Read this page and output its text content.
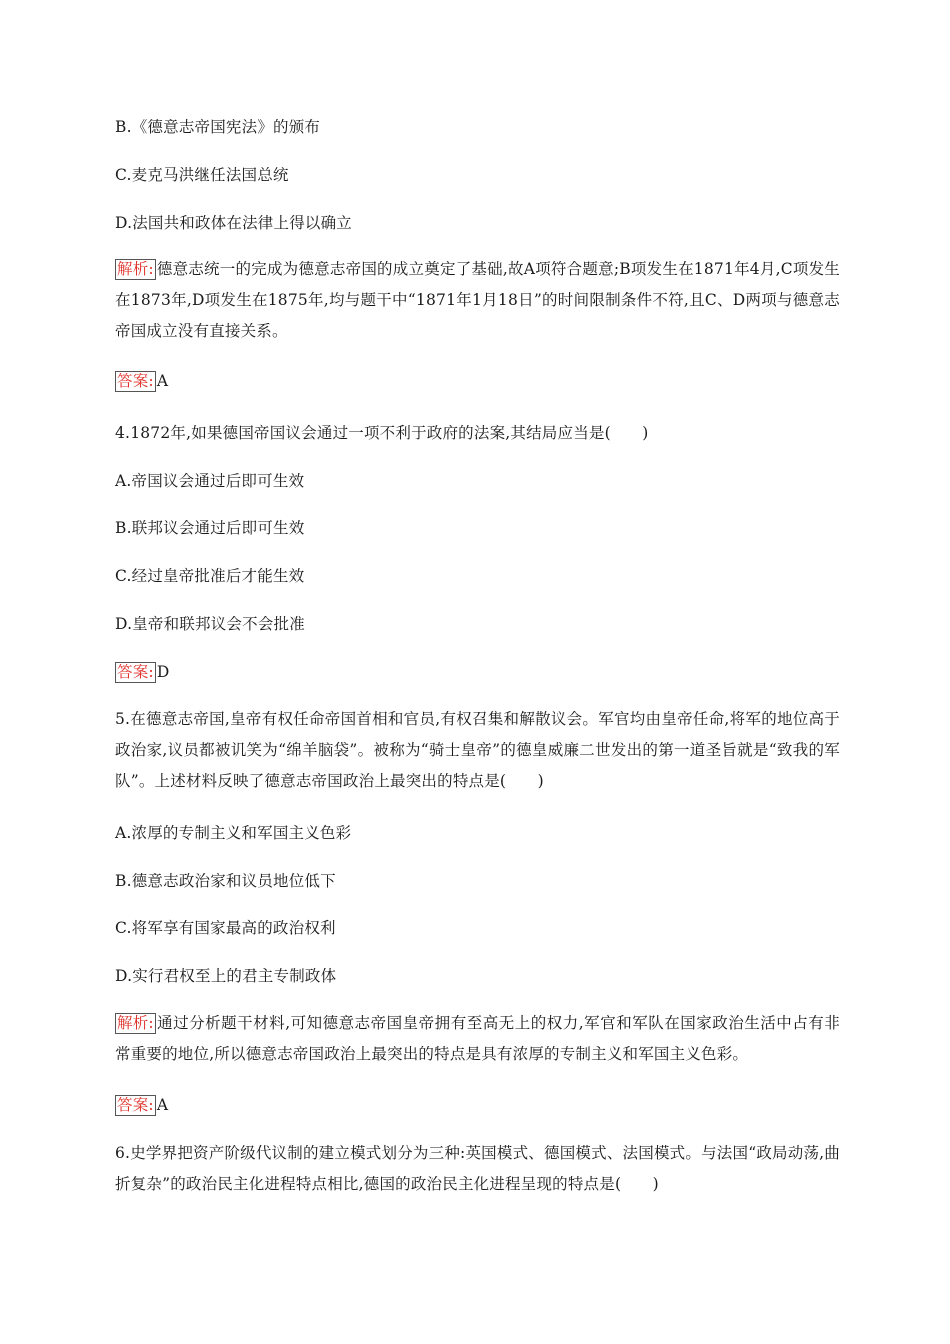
B.《德意志帝国宪法》的颁布
C.麦克马洪继任法国总统
D.法国共和政体在法律上得以确立
解析: 德意志统一的完成为德意志帝国的成立奠定了基础,故A项符合题意;B项发生在1871年4月,C项发生在1873年,D项发生在1875年,均与题干中“1871年1月18日”的时间限制条件不符,且C、D两项与德意志帝国成立没有直接关系。
答案: A
4.1872年,如果德国帝国议会通过一项不利于政府的法案,其结局应当是(　　)
A.帝国议会通过后即可生效
B.联邦议会通过后即可生效
C.经过皇帝批准后才能生效
D.皇帝和联邦议会不会批准
答案: D
5.在德意志帝国,皇帝有权任命帝国首相和官员,有权召集和解散议会。军官均由皇帝任命,将军的地位高于政治家,议员都被讥笑为“绵羊脑袋”。被称为“骑士皇帝”的德皇威廉二世发出的第一道圣旨就是“致我的军队”。上述材料反映了德意志帝国政治上最突出的特点是(　　)
A.浓厚的专制主义和军国主义色彩
B.德意志政治家和议员地位低下
C.将军享有国家最高的政治权利
D.实行君权至上的君主专制政体
解析: 通过分析题干材料,可知德意志帝国皇帝拥有至高无上的权力,军官和军队在国家政治生活中占有非常重要的地位,所以德意志帝国政治上最突出的特点是具有浓厚的专制主义和军国主义色彩。
答案: A
6.史学界把资产阶级代议制的建立模式划分为三种:英国模式、德国模式、法国模式。与法国“政局动荡,曲折复杂”的政治民主化进程特点相比,德国的政治民主化进程呈现的特点是(　　)
